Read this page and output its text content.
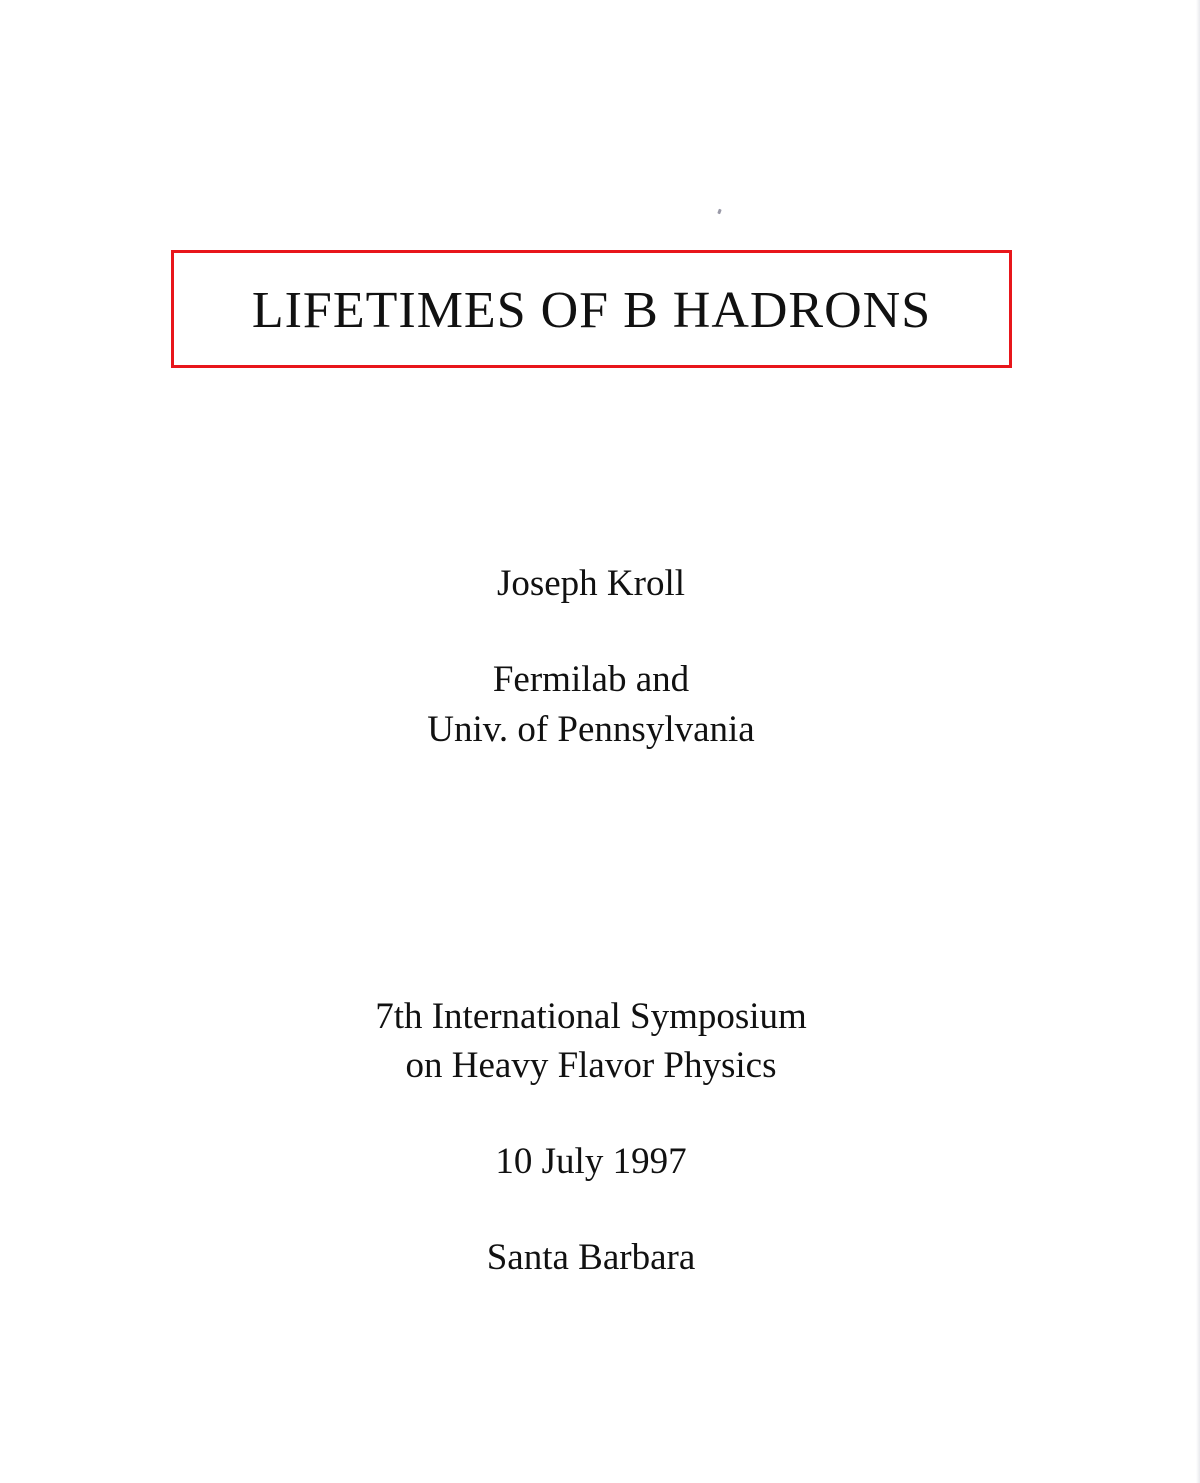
LIFETIMES OF B HADRONS
Joseph Kroll
Fermilab and
Univ. of Pennsylvania
7th International Symposium
on Heavy Flavor Physics
10 July 1997
Santa Barbara
